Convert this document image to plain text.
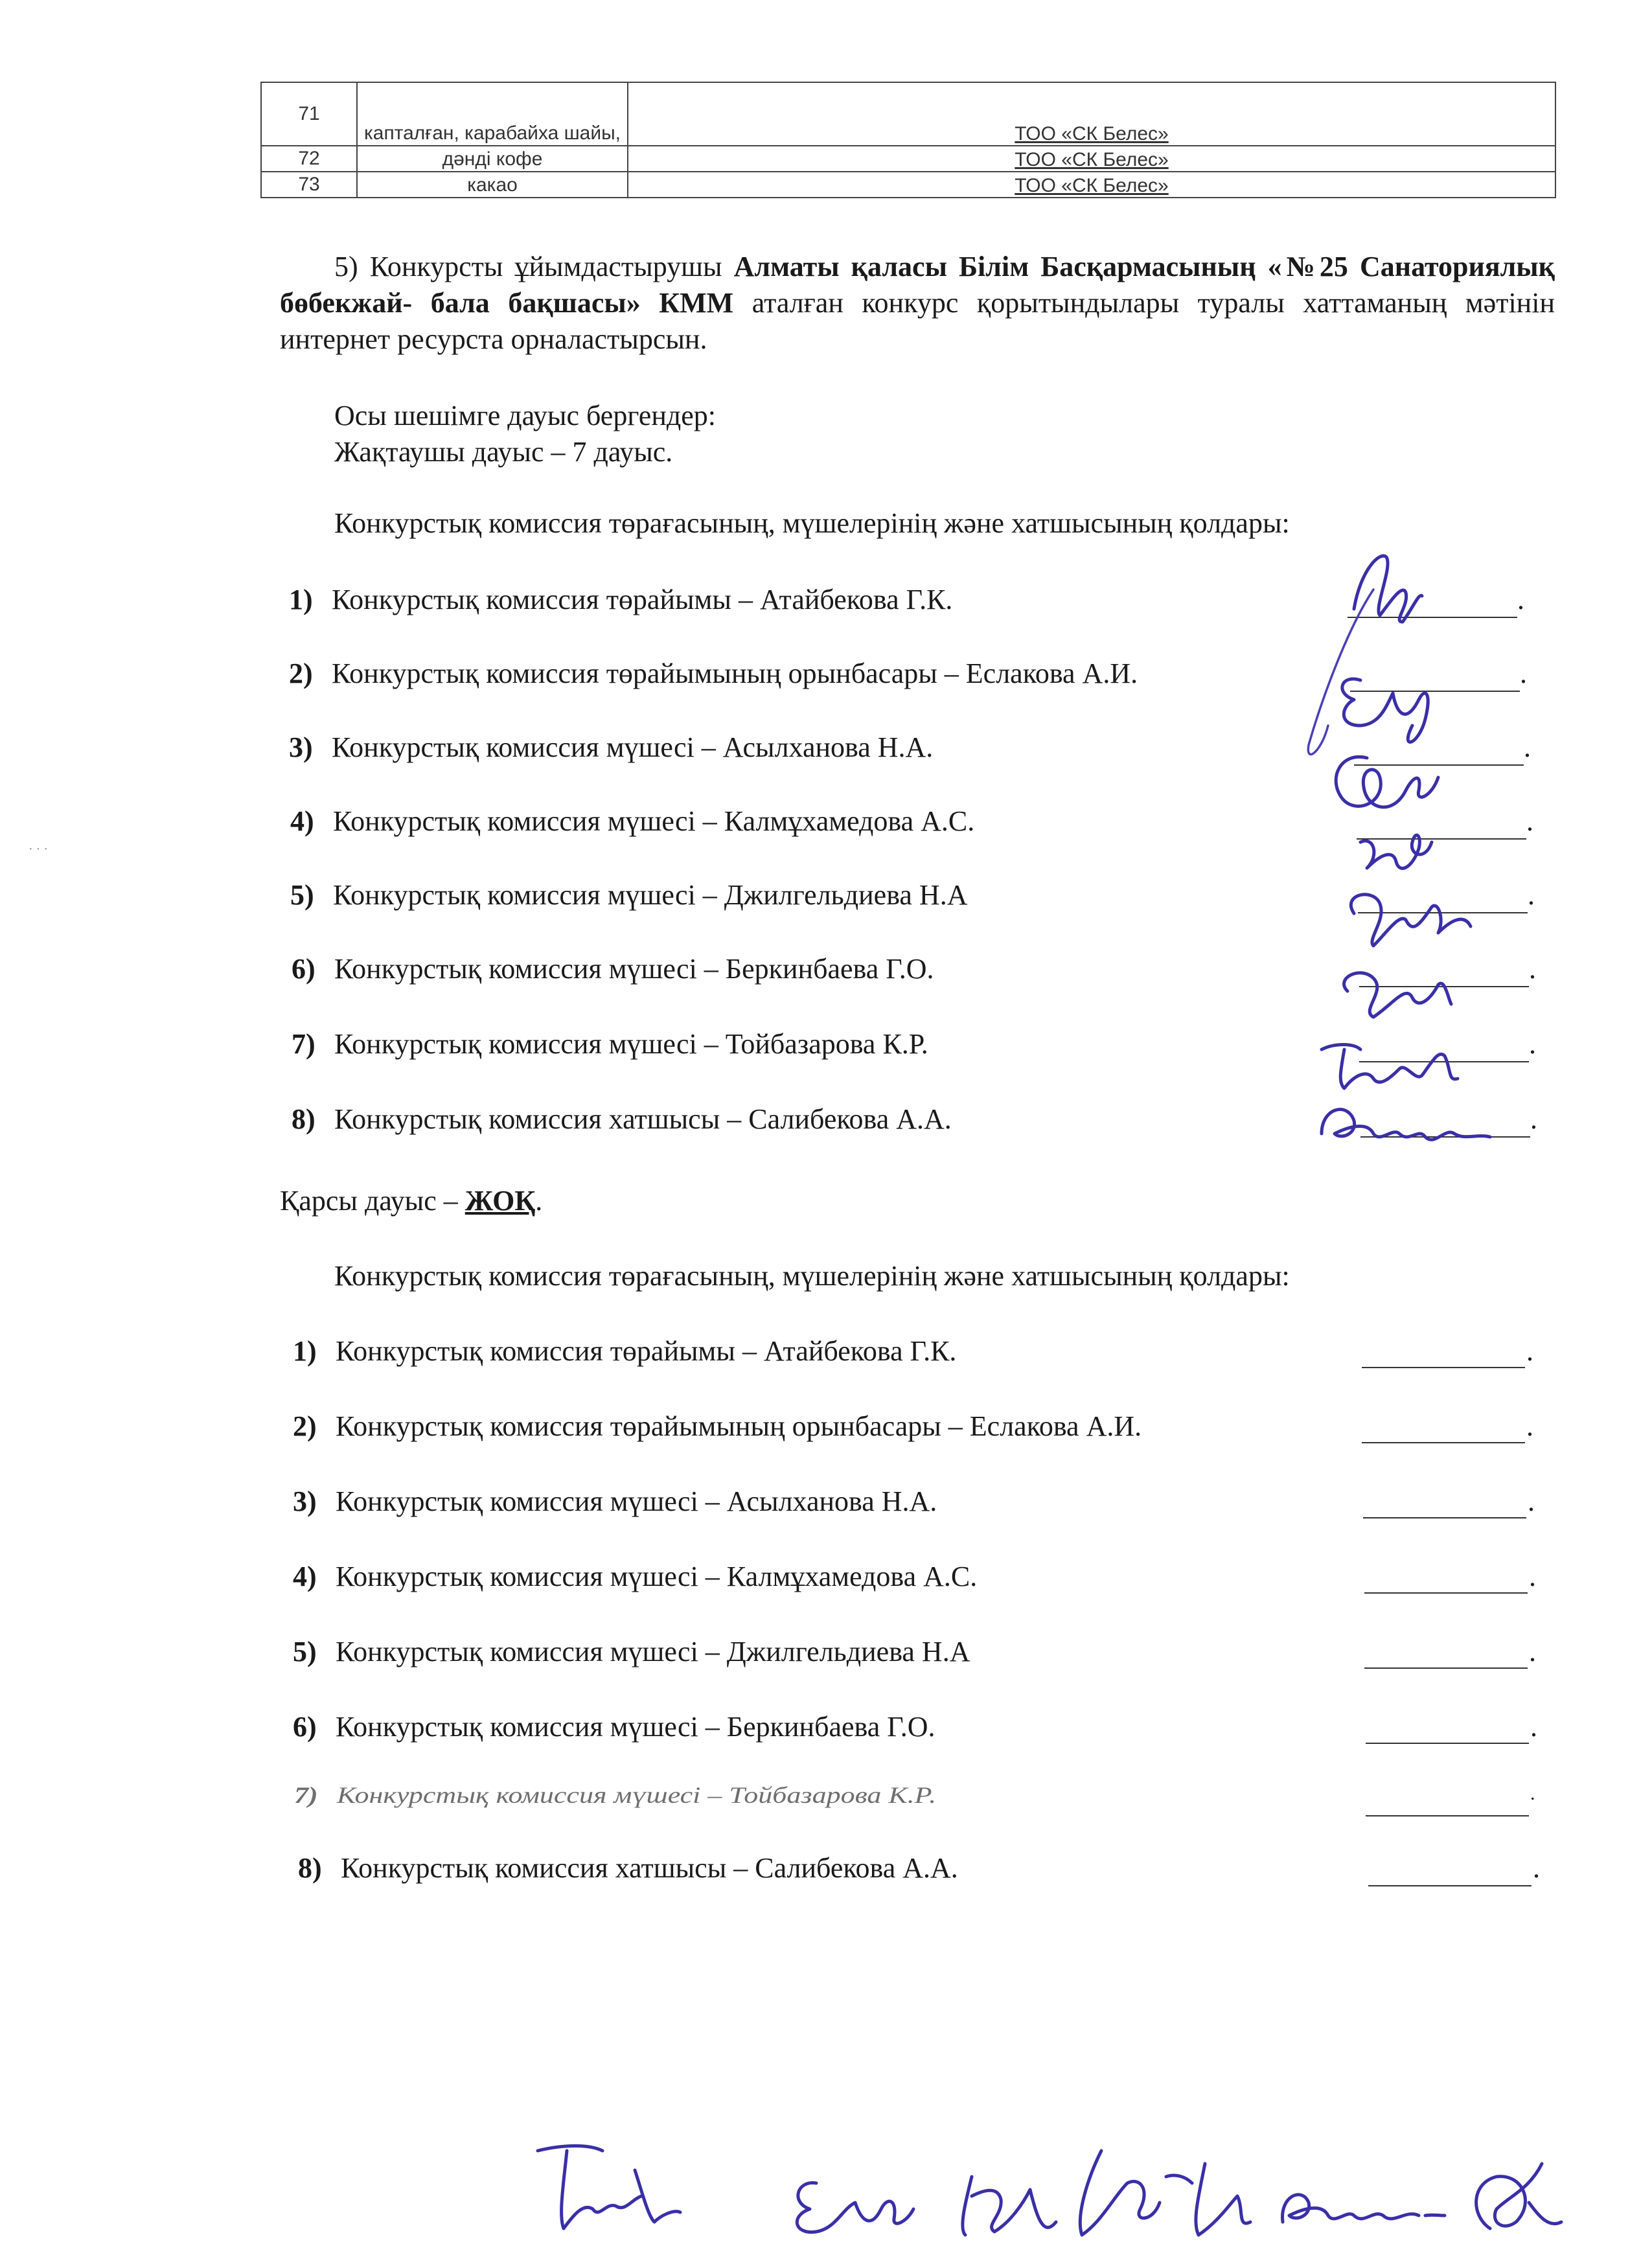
71	капталған, карабайха шайы,	ТОО «СК Белес»
72	дәнді кофе	ТОО «СК Белес»
73	какао	ТОО «СК Белес»
5) Конкурсты ұйымдастырушы Алматы қаласы Білім Басқармасының «№25 Санаториялық бөбекжай- бала бақшасы» КММ аталған конкурс қорытындылары туралы хаттаманың мәтінін интернет ресурста орналастырсын.
Осы шешімге дауыс бергендер:
Жақтаушы дауыс – 7 дауыс.
Конкурстық комиссия төрағасының, мүшелерінің және хатшысының қолдары:
1) Конкурстық комиссия төрайымы – Атайбекова Г.К.
2) Конкурстық комиссия төрайымының орынбасары – Еслакова А.И.
3) Конкурстық комиссия мүшесі – Асылханова Н.А.
4) Конкурстық комиссия мүшесі – Калмұхамедова А.С.
5) Конкурстық комиссия мүшесі – Джилгельдиева Н.А
6) Конкурстық комиссия мүшесі – Беркинбаева Г.О.
7) Конкурстық комиссия мүшесі – Тойбазарова К.Р.
8) Конкурстық комиссия хатшысы – Салибекова А.А.
.
.
.
.
.
.
.
.
Қарсы дауыс – ЖОҚ.
Конкурстық комиссия төрағасының, мүшелерінің және хатшысының қолдары:
1) Конкурстық комиссия төрайымы – Атайбекова Г.К.
2) Конкурстық комиссия төрайымының орынбасары – Еслакова А.И.
3) Конкурстық комиссия мүшесі – Асылханова Н.А.
4) Конкурстық комиссия мүшесі – Калмұхамедова А.С.
5) Конкурстық комиссия мүшесі – Джилгельдиева Н.А
6) Конкурстық комиссия мүшесі – Беркинбаева Г.О.
7) Конкурстық комиссия мүшесі – Тойбазарова К.Р.
8) Конкурстық комиссия хатшысы – Салибекова А.А.
.
.
.
.
.
.
.
.
· · ·
